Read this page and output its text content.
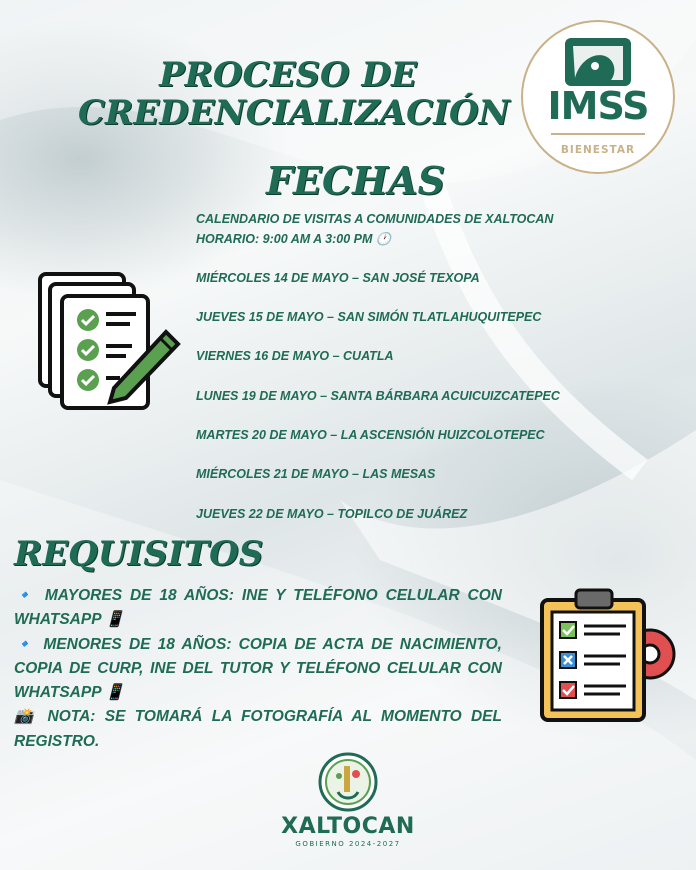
PROCESO DE
CREDENCIALIZACIÓN IMSS
BIENESTAR
FECHAS
CALENDARIO DE VISITAS A COMUNIDADES DE XALTOCAN
HORARIO: 9:00 AM A 3:00 PM 🕐
MIÉRCOLES 14 DE MAYO – SAN JOSÉ TEXOPA
JUEVES 15 DE MAYO – SAN SIMÓN TLATLAHUQUITEPEC
VIERNES 16 DE MAYO – CUATLA
LUNES 19 DE MAYO – SANTA BÁRBARA ACUICUIZCATEPEC
MARTES 20 DE MAYO – LA ASCENSIÓN HUIZCOLOTEPEC
MIÉRCOLES 21 DE MAYO – LAS MESAS
JUEVES 22 DE MAYO – TOPILCO DE JUÁREZ
REQUISITOS
🔹 MAYORES DE 18 AÑOS: INE Y TELÉFONO CELULAR CON WHATSAPP 📱
🔹 MENORES DE 18 AÑOS: COPIA DE ACTA DE NACIMIENTO, COPIA DE CURP, INE DEL TUTOR Y TELÉFONO CELULAR CON WHATSAPP 📱
📸 NOTA: SE TOMARÁ LA FOTOGRAFÍA AL MOMENTO DEL REGISTRO.
XALTOCAN
GOBIERNO 2024-2027
